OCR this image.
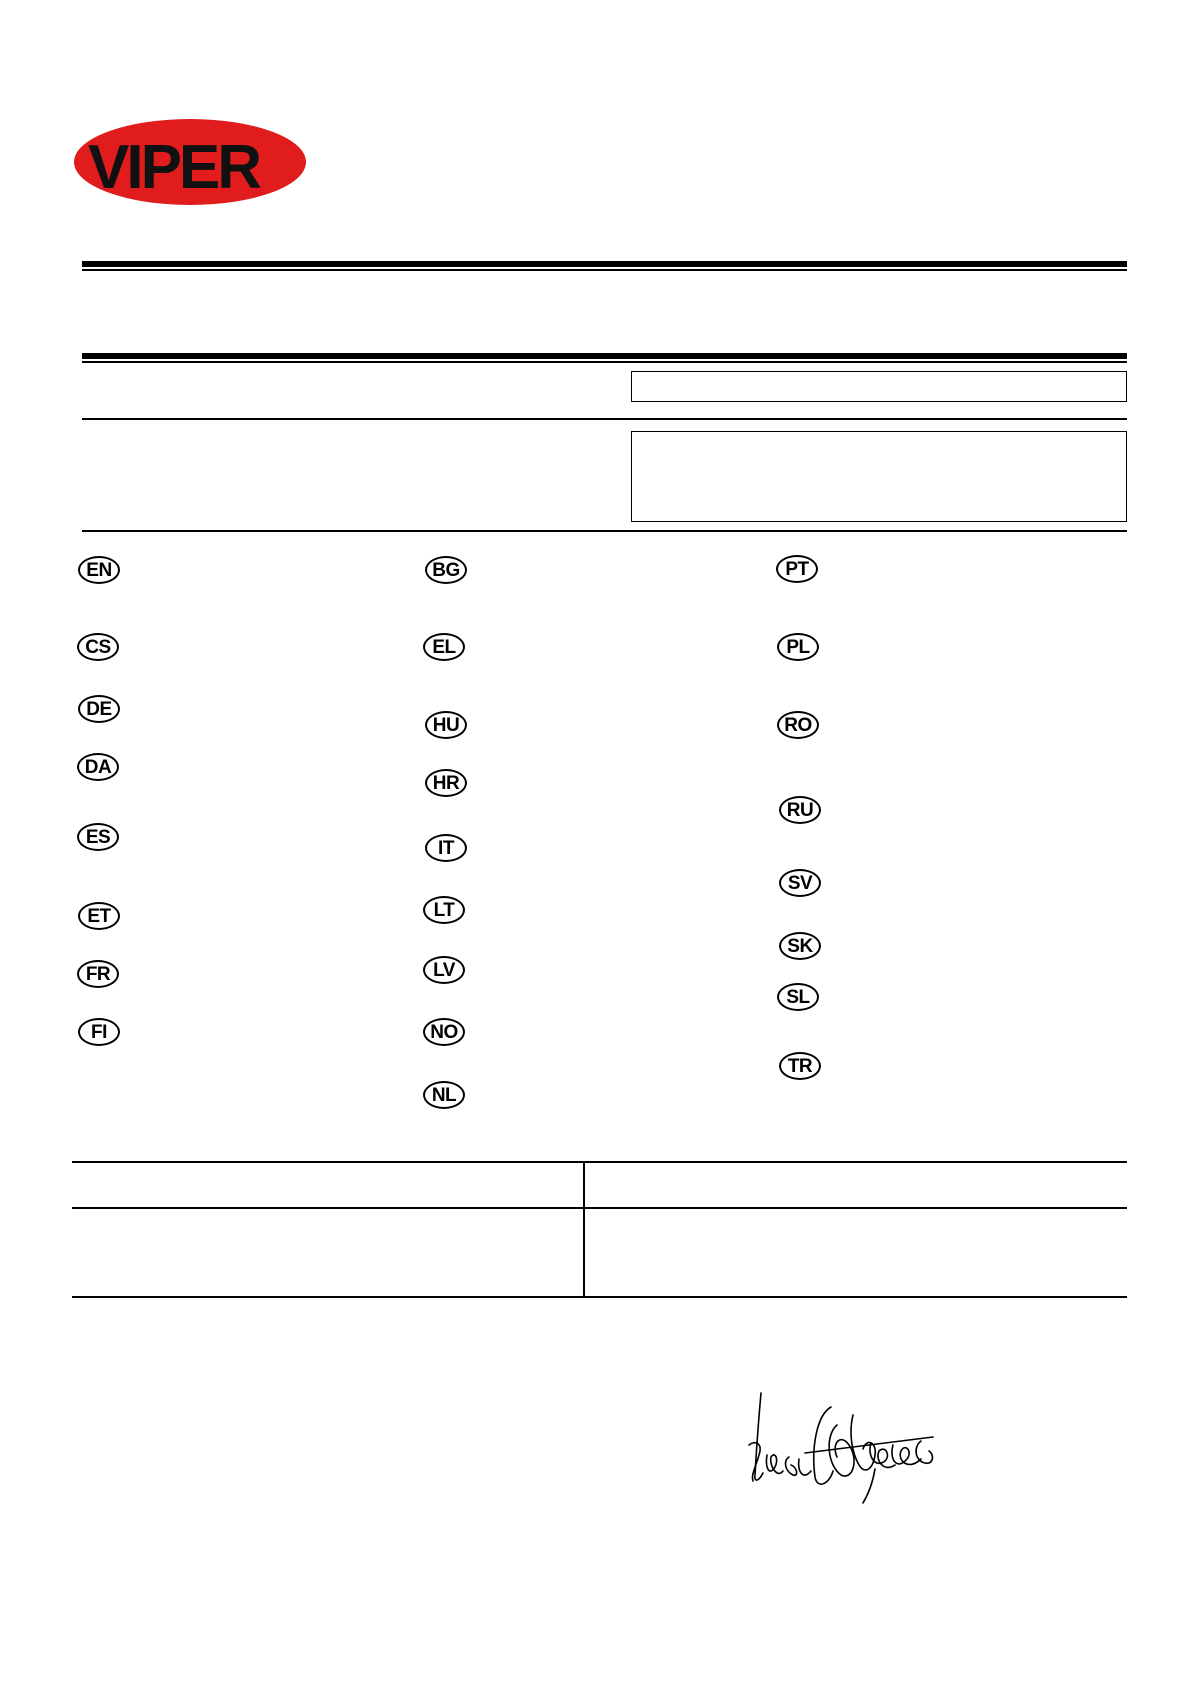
VIPER
EN
CS
DE
DA
ES
ET
FR
FI
BG
EL
HU
HR
IT
LT
LV
NO
NL
PT
PL
RO
RU
SV
SK
SL
TR
